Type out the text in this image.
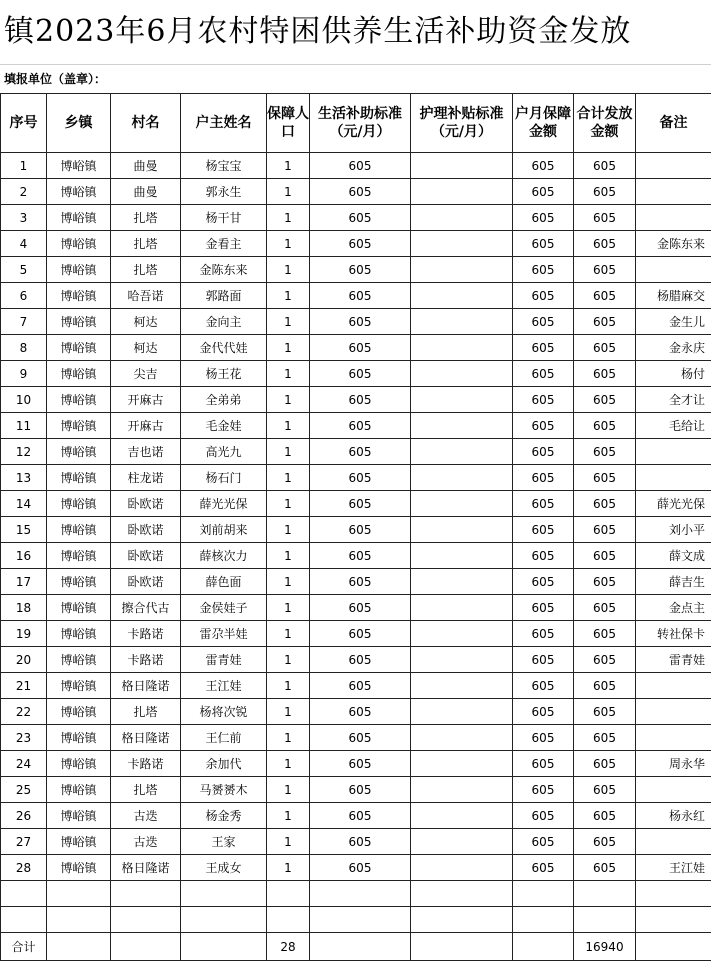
镇2023年6月农村特困供养生活补助资金发放
填报单位（盖章）：
序号	乡镇	村名	户主姓名	保障人口	生活补助标准（元/月）	护理补贴标准（元/月）	户月保障金额	合计发放金额	备注
1	博峪镇	曲曼	杨宝宝	1	605		605	605	
2	博峪镇	曲曼	郭永生	1	605		605	605	
3	博峪镇	扎塔	杨干甘	1	605		605	605	
4	博峪镇	扎塔	金看主	1	605		605	605	金陈东来
5	博峪镇	扎塔	金陈东来	1	605		605	605	
6	博峪镇	哈吾诺	郭路面	1	605		605	605	杨腊麻交
7	博峪镇	柯达	金向主	1	605		605	605	金生儿
8	博峪镇	柯达	金代代娃	1	605		605	605	金永庆
9	博峪镇	尖吉	杨王花	1	605		605	605	杨付
10	博峪镇	开麻古	全弟弟	1	605		605	605	全才让
11	博峪镇	开麻古	毛金娃	1	605		605	605	毛给让
12	博峪镇	吉也诺	高光九	1	605		605	605	
13	博峪镇	柱龙诺	杨石门	1	605		605	605	
14	博峪镇	卧欧诺	薛光光保	1	605		605	605	薛光光保
15	博峪镇	卧欧诺	刘前胡来	1	605		605	605	刘小平
16	博峪镇	卧欧诺	薛核次力	1	605		605	605	薛文成
17	博峪镇	卧欧诺	薛色面	1	605		605	605	薛吉生
18	博峪镇	擦合代古	金侯娃子	1	605		605	605	金点主
19	博峪镇	卡路诺	雷尕半娃	1	605		605	605	转社保卡
20	博峪镇	卡路诺	雷青娃	1	605		605	605	雷青娃
21	博峪镇	格日隆诺	王江娃	1	605		605	605	
22	博峪镇	扎塔	杨将次锐	1	605		605	605	
23	博峪镇	格日隆诺	王仁前	1	605		605	605	
24	博峪镇	卡路诺	余加代	1	605		605	605	周永华
25	博峪镇	扎塔	马赟赟木	1	605		605	605	
26	博峪镇	古迭	杨金秀	1	605		605	605	杨永红
27	博峪镇	古迭	王家	1	605		605	605	
28	博峪镇	格日隆诺	王成女	1	605		605	605	王江娃

合计				28				16940	
